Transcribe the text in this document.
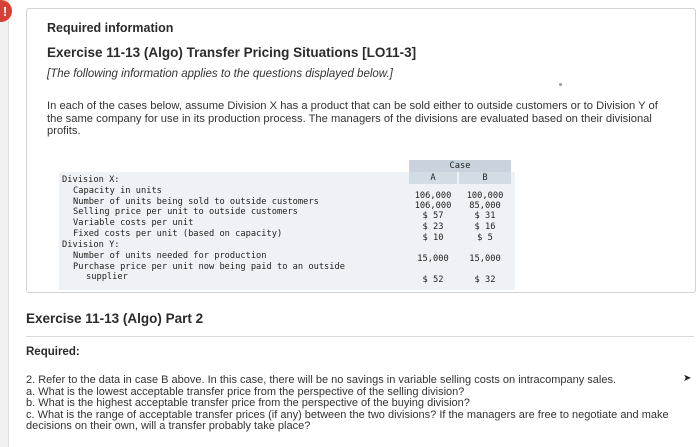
!
Required information
Exercise 11-13 (Algo) Transfer Pricing Situations [LO11-3]
[The following information applies to the questions displayed below.]

In each of the cases below, assume Division X has a product that can be sold either to outside customers or to Division Y of the same company for use in its production process. The managers of the divisions are evaluated based on their divisional profits.

Case
A	B
Division X:
Capacity in units	106,000	100,000
Number of units being sold to outside customers	106,000	85,000
Selling price per unit to outside customers	$ 57	$ 31
Variable costs per unit	$ 23	$ 16
Fixed costs per unit (based on capacity)	$ 10	$ 5
Division Y:
Number of units needed for production	15,000	15,000
Purchase price per unit now being paid to an outside
supplier	$ 52	$ 32
Exercise 11-13 (Algo) Part 2
Required:
2. Refer to the data in case B above. In this case, there will be no savings in variable selling costs on intracompany sales.
a. What is the lowest acceptable transfer price from the perspective of the selling division?
b. What is the highest acceptable transfer price from the perspective of the buying division?
c. What is the range of acceptable transfer prices (if any) between the two divisions? If the managers are free to negotiate and make decisions on their own, will a transfer probably take place?
➤
